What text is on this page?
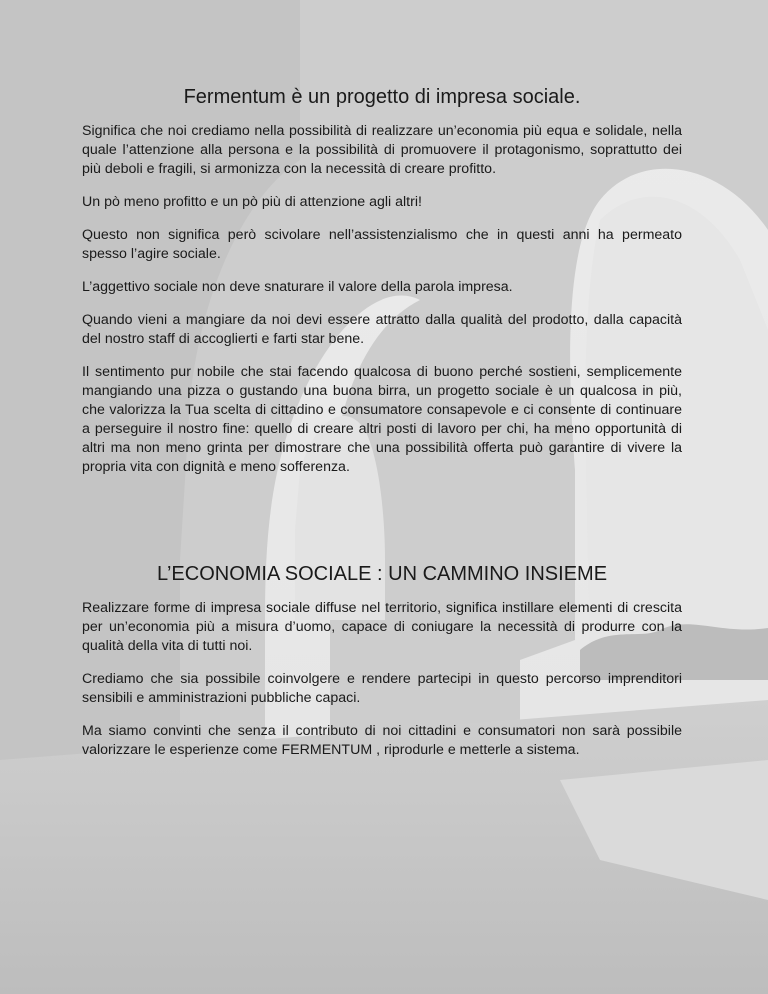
Fermentum è un progetto di impresa sociale.

Significa che noi crediamo nella possibilità di realizzare un’economia più equa e solidale, nella quale l’attenzione alla persona e la possibilità di promuovere il protagonismo, soprattutto dei più deboli e fragili, si armonizza con la necessità di creare profitto.

Un pò meno profitto e un pò più di attenzione agli altri!

Questo non significa però scivolare nell’assistenzialismo che in questi anni ha permeato spesso l’agire sociale.

L’aggettivo sociale non deve snaturare il valore della parola impresa.

Quando vieni a mangiare da noi devi essere attratto dalla qualità del prodotto, dalla capacità del nostro staff di accoglierti e farti star bene.

Il sentimento pur nobile che stai facendo qualcosa di buono perché sostieni, semplicemente mangiando una pizza o gustando una buona birra, un progetto sociale è un qualcosa in più, che valorizza la Tua scelta di cittadino e consumatore consapevole e ci consente di continuare a perseguire il nostro fine: quello di creare altri posti di lavoro per chi, ha meno opportunità di altri ma non meno grinta per dimostrare che una possibilità offerta può garantire di vivere la propria vita con dignità e meno sofferenza.

L’ECONOMIA SOCIALE : UN CAMMINO INSIEME

Realizzare forme di impresa sociale diffuse nel territorio, significa instillare elementi di crescita per un’economia più a misura d’uomo, capace di coniugare la necessità di produrre con la qualità della vita di tutti noi.

Crediamo che sia possibile coinvolgere e rendere partecipi in questo percorso imprenditori sensibili e amministrazioni pubbliche capaci.

Ma siamo convinti che senza il contributo di noi cittadini e consumatori non sarà possibile valorizzare le esperienze come FERMENTUM , riprodurle e metterle a sistema.
